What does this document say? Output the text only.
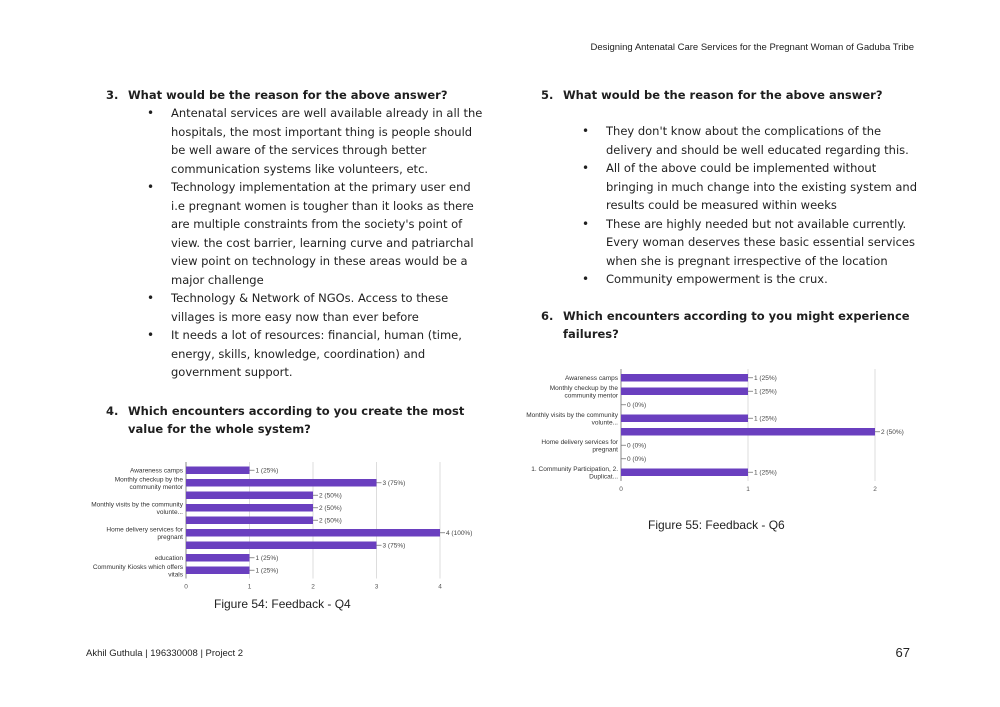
Designing Antenatal Care Services for the Pregnant Woman of Gaduba Tribe
3. What would be the reason for the above answer?
• Antenatal services are well available already in all the hospitals, the most important thing is people should be well aware of the services through better communication systems like volunteers, etc.
• Technology implementation at the primary user end i.e pregnant women is tougher than it looks as there are multiple constraints from the society's point of view. the cost barrier, learning curve and patriarchal view point on technology in these areas would be a major challenge
• Technology & Network of NGOs. Access to these villages is more easy now than ever before
• It needs a lot of resources: financial, human (time, energy, skills, knowledge, coordination) and government support.
4. Which encounters according to you create the most value for the whole system?
0	1	2	3	4
1 (25%)
Awareness camps
3 (75%)
Monthly checkup by the
community mentor
2 (50%)
2 (50%)
Monthly visits by the community
volunte...
2 (50%)
4 (100%)
Home delivery services for
pregnant
3 (75%)
1 (25%)
education
1 (25%)
Community Kiosks which offers
vitals
Figure 54: Feedback - Q4
5. What would be the reason for the above answer?
• They don't know about the complications of the delivery and should be well educated regarding this.
• All of the above could be implemented without bringing in much change into the existing system and results could be measured within weeks
• These are highly needed but not available currently. Every woman deserves these basic essential services when she is pregnant irrespective of the location
• Community empowerment is the crux.
6. Which encounters according to you might experience failures?
0	1	2
1 (25%)
Awareness camps
1 (25%)
Monthly checkup by the
community mentor
0 (0%)
1 (25%)
Monthly visits by the community
volunte...
2 (50%)
0 (0%)
Home delivery services for
pregnant
0 (0%)
1 (25%)
1. Community Participation, 2.
Duplicat...
Figure 55: Feedback - Q6
Akhil Guthula | 196330008 | Project 2	67
